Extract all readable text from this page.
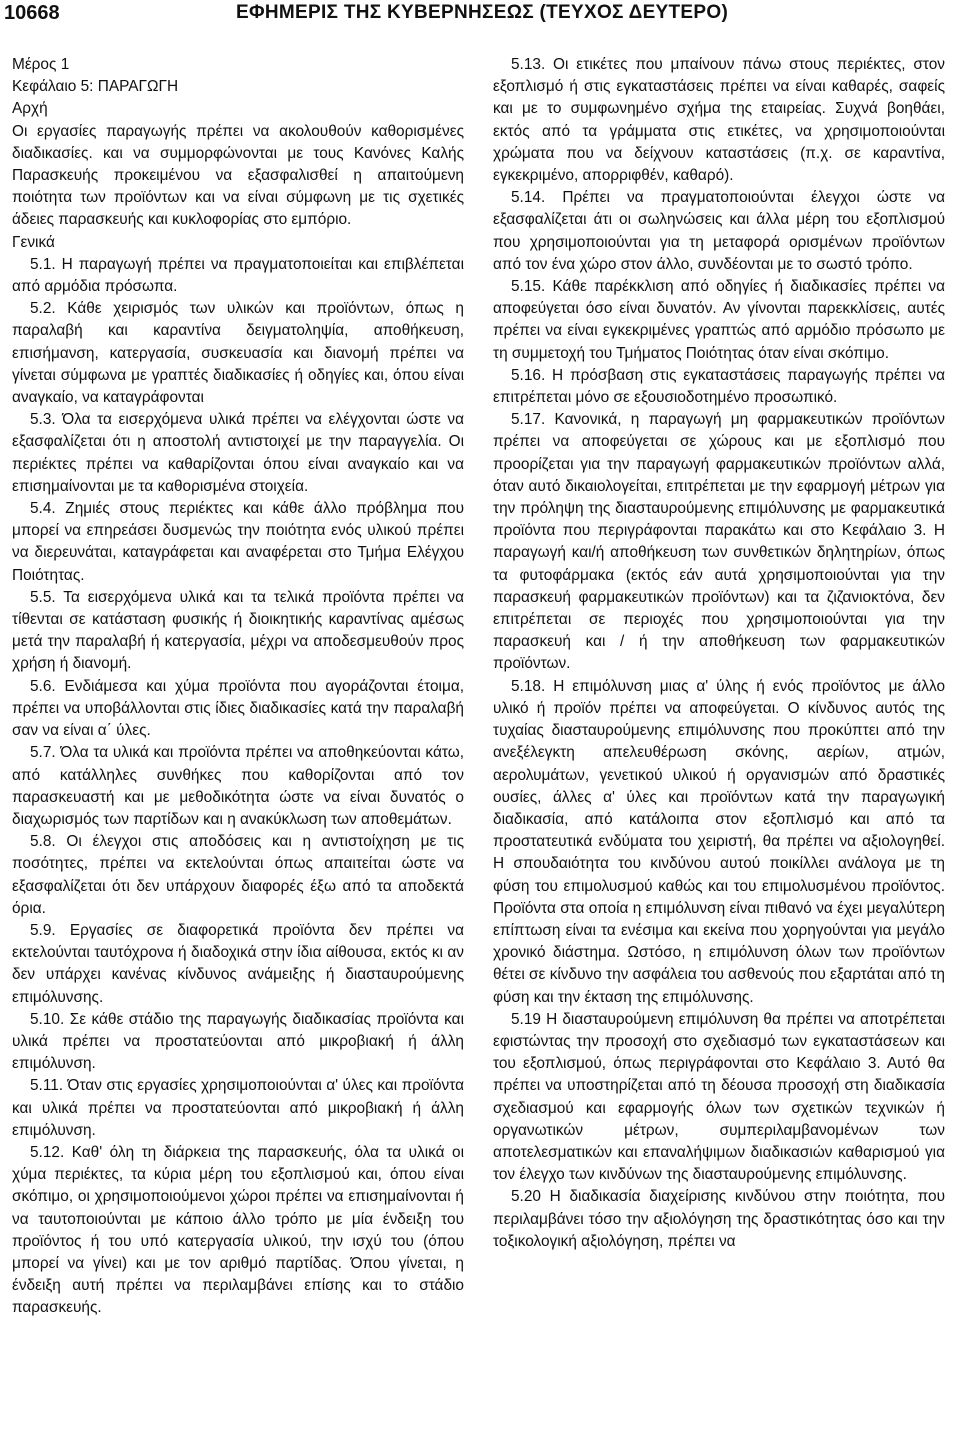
10668	ΕΦΗΜΕΡΙΣ ΤΗΣ ΚΥΒΕΡΝΗΣΕΩΣ (ΤΕΥΧΟΣ ΔΕΥΤΕΡΟ)

Μέρος 1

Κεφάλαιο 5: ΠΑΡΑΓΩΓΗ

Αρχή

Οι εργασίες παραγωγής πρέπει να ακολουθούν καθορισμένες διαδικασίες. και να συμμορφώνονται με τους Κανόνες Καλής Παρασκευής προκειμένου να εξασφαλισθεί η απαιτούμενη ποιότητα των προϊόντων και να είναι σύμφωνη με τις σχετικές άδειες παρασκευής και κυκλοφορίας στο εμπόριο.

Γενικά

5.1. Η παραγωγή πρέπει να πραγματοποιείται και επιβλέπεται από αρμόδια πρόσωπα.

5.2. Κάθε χειρισμός των υλικών και προϊόντων, όπως η παραλαβή και καραντίνα δειγματοληψία, αποθήκευση, επισήμανση, κατεργασία, συσκευασία και διανομή πρέπει να γίνεται σύμφωνα με γραπτές διαδικασίες ή οδηγίες και, όπου είναι αναγκαίο, να καταγράφονται

5.3. Όλα τα εισερχόμενα υλικά πρέπει να ελέγχονται ώστε να εξασφαλίζεται ότι η αποστολή αντιστοιχεί με την παραγγελία. Οι περιέκτες πρέπει να καθαρίζονται όπου είναι αναγκαίο και να επισημαίνονται με τα καθορισμένα στοιχεία.

5.4. Ζημιές στους περιέκτες και κάθε άλλο πρόβλημα που μπορεί να επηρεάσει δυσμενώς την ποιότητα ενός υλικού πρέπει να διερευνάται, καταγράφεται και αναφέρεται στο Τμήμα Ελέγχου Ποιότητας.

5.5. Τα εισερχόμενα υλικά και τα τελικά προϊόντα πρέπει να τίθενται σε κατάσταση φυσικής ή διοικητικής καραντίνας αμέσως μετά την παραλαβή ή κατεργασία, μέχρι να αποδεσμευθούν προς χρήση ή διανομή.

5.6. Ενδιάμεσα και χύμα προϊόντα που αγοράζονται έτοιμα, πρέπει να υποβάλλονται στις ίδιες διαδικασίες κατά την παραλαβή σαν να είναι α΄ ύλες.

5.7. Όλα τα υλικά και προϊόντα πρέπει να αποθηκεύονται κάτω, από κατάλληλες συνθήκες που καθορίζονται από τον παρασκευαστή και με μεθοδικότητα ώστε να είναι δυνατός ο διαχωρισμός των παρτίδων και η ανακύκλωση των αποθεμάτων.

5.8. Οι έλεγχοι στις αποδόσεις και η αντιστοίχηση με τις ποσότητες, πρέπει να εκτελούνται όπως απαιτείται ώστε να εξασφαλίζεται ότι δεν υπάρχουν διαφορές έξω από τα αποδεκτά όρια.

5.9. Εργασίες σε διαφορετικά προϊόντα δεν πρέπει να εκτελούνται ταυτόχρονα ή διαδοχικά στην ίδια αίθουσα, εκτός κι αν δεν υπάρχει κανένας κίνδυνος ανάμειξης ή διασταυρούμενης επιμόλυνσης.

5.10. Σε κάθε στάδιο της παραγωγής διαδικασίας προϊόντα και υλικά πρέπει να προστατεύονται από μικροβιακή ή άλλη επιμόλυνση.

5.11. Όταν στις εργασίες χρησιμοποιούνται α' ύλες και προϊόντα και υλικά πρέπει να προστατεύονται από μικροβιακή ή άλλη επιμόλυνση.

5.12. Καθ' όλη τη διάρκεια της παρασκευής, όλα τα υλικά οι χύμα περιέκτες, τα κύρια μέρη του εξοπλισμού και, όπου είναι σκόπιμο, οι χρησιμοποιούμενοι χώροι πρέπει να επισημαίνονται ή να ταυτοποιούνται με κάποιο άλλο τρόπο με μία ένδειξη του προϊόντος ή του υπό κατεργασία υλικού, την ισχύ του (όπου μπορεί να γίνει) και με τον αριθμό παρτίδας. Όπου γίνεται, η ένδειξη αυτή πρέπει να περιλαμβάνει επίσης και το στάδιο παρασκευής.

5.13. Οι ετικέτες που μπαίνουν πάνω στους περιέκτες, στον εξοπλισμό ή στις εγκαταστάσεις πρέπει να είναι καθαρές, σαφείς και με το συμφωνημένο σχήμα της εταιρείας. Συχνά βοηθάει, εκτός από τα γράμματα στις ετικέτες, να χρησιμοποιούνται χρώματα που να δείχνουν καταστάσεις (π.χ. σε καραντίνα, εγκεκριμένο, απορριφθέν, καθαρό).

5.14. Πρέπει να πραγματοποιούνται έλεγχοι ώστε να εξασφαλίζεται άτι οι σωληνώσεις και άλλα μέρη του εξοπλισμού που χρησιμοποιούνται για τη μεταφορά ορισμένων προϊόντων από τον ένα χώρο στον άλλο, συνδέονται με το σωστό τρόπο.

5.15. Κάθε παρέκκλιση από οδηγίες ή διαδικασίες πρέπει να αποφεύγεται όσο είναι δυνατόν. Αν γίνονται παρεκκλίσεις, αυτές πρέπει να είναι εγκεκριμένες γραπτώς από αρμόδιο πρόσωπο με τη συμμετοχή του Τμήματος Ποιότητας όταν είναι σκόπιμο.

5.16. Η πρόσβαση στις εγκαταστάσεις παραγωγής πρέπει να επιτρέπεται μόνο σε εξουσιοδοτημένο προσωπικό.

5.17. Κανονικά, η παραγωγή μη φαρμακευτικών προϊόντων πρέπει να αποφεύγεται σε χώρους και με εξοπλισμό που προορίζεται για την παραγωγή φαρμακευτικών προϊόντων αλλά, όταν αυτό δικαιολογείται, επιτρέπεται με την εφαρμογή μέτρων για την πρόληψη της διασταυρούμενης επιμόλυνσης με φαρμακευτικά προϊόντα που περιγράφονται παρακάτω και στο Κεφάλαιο 3. Η παραγωγή και/ή αποθήκευση των συνθετικών δηλητηρίων, όπως τα φυτοφάρμακα (εκτός εάν αυτά χρησιμοποιούνται για την παρασκευή φαρμακευτικών προϊόντων) και τα ζιζανιοκτόνα, δεν επιτρέπεται σε περιοχές που χρησιμοποιούνται για την παρασκευή και / ή την αποθήκευση των φαρμακευτικών προϊόντων.

5.18. Η επιμόλυνση μιας α' ύλης ή ενός προϊόντος με άλλο υλικό ή προϊόν πρέπει να αποφεύγεται. Ο κίνδυνος αυτός της τυχαίας διασταυρούμενης επιμόλυνσης που προκύπτει από την ανεξέλεγκτη απελευθέρωση σκόνης, αερίων, ατμών, αερολυμάτων, γενετικού υλικού ή οργανισμών από δραστικές ουσίες, άλλες α' ύλες και προϊόντων κατά την παραγωγική διαδικασία, από κατάλοιπα στον εξοπλισμό και από τα προστατευτικά ενδύματα του χειριστή, θα πρέπει να αξιολογηθεί. Η σπουδαιότητα του κινδύνου αυτού ποικίλλει ανάλογα με τη φύση του επιμολυσμού καθώς και του επιμολυσμένου προϊόντος. Προϊόντα στα οποία η επιμόλυνση είναι πιθανό να έχει μεγαλύτερη επίπτωση είναι τα ενέσιμα και εκείνα που χορηγούνται για μεγάλο χρονικό διάστημα. Ωστόσο, η επιμόλυνση όλων των προϊόντων θέτει σε κίνδυνο την ασφάλεια του ασθενούς που εξαρτάται από τη φύση και την έκταση της επιμόλυνσης.

5.19 Η διασταυρούμενη επιμόλυνση θα πρέπει να αποτρέπεται εφιστώντας την προσοχή στο σχεδιασμό των εγκαταστάσεων και του εξοπλισμού, όπως περιγράφονται στο Κεφάλαιο 3. Αυτό θα πρέπει να υποστηρίζεται από τη δέουσα προσοχή στη διαδικασία σχεδιασμού και εφαρμογής όλων των σχετικών τεχνικών ή οργανωτικών μέτρων, συμπεριλαμβανομένων των αποτελεσματικών και επαναλήψιμων διαδικασιών καθαρισμού για τον έλεγχο των κινδύνων της διασταυρούμενης επιμόλυνσης.

5.20 Η διαδικασία διαχείρισης κινδύνου στην ποιότητα, που περιλαμβάνει τόσο την αξιολόγηση της δραστικότητας όσο και την τοξικολογική αξιολόγηση, πρέπει να
